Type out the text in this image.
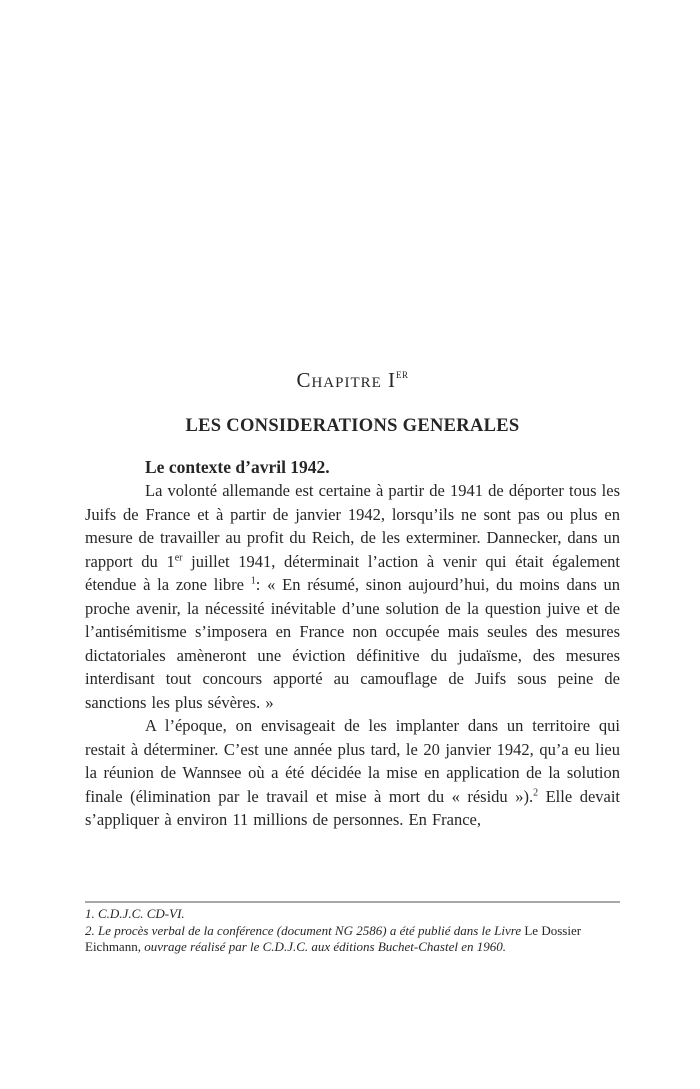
Chapitre IER
LES CONSIDERATIONS GENERALES
Le contexte d’avril 1942.

La volonté allemande est certaine à partir de 1941 de déporter tous les Juifs de France et à partir de janvier 1942, lorsqu’ils ne sont pas ou plus en mesure de travailler au profit du Reich, de les exterminer. Dannecker, dans un rapport du 1er juillet 1941, déterminait l’action à venir qui était également étendue à la zone libre $^1$: « En résumé, sinon aujourd’hui, du moins dans un proche avenir, la nécessité inévitable d’une solution de la question juive et de l’antisémitisme s’imposera en France non occupée mais seules des mesures dictatoriales amèneront une éviction définitive du judaïsme, des mesures interdisant tout concours apporté au camouflage de Juifs sous peine de sanctions les plus sévères. »

A l’époque, on envisageait de les implanter dans un territoire qui restait à déterminer. C’est une année plus tard, le 20 janvier 1942, qu’a eu lieu la réunion de Wannsee où a été décidée la mise en application de la solution finale (élimination par le travail et mise à mort du « résidu »).$^2$ Elle devait s’appliquer à environ 11 millions de personnes. En France,

1. C.D.J.C. CD-VI.
2. Le procès verbal de la conférence (document NG 2586) a été publié dans le Livre Le Dossier Eichmann, ouvrage réalisé par le C.D.J.C. aux éditions Buchet-Chastel en 1960.
